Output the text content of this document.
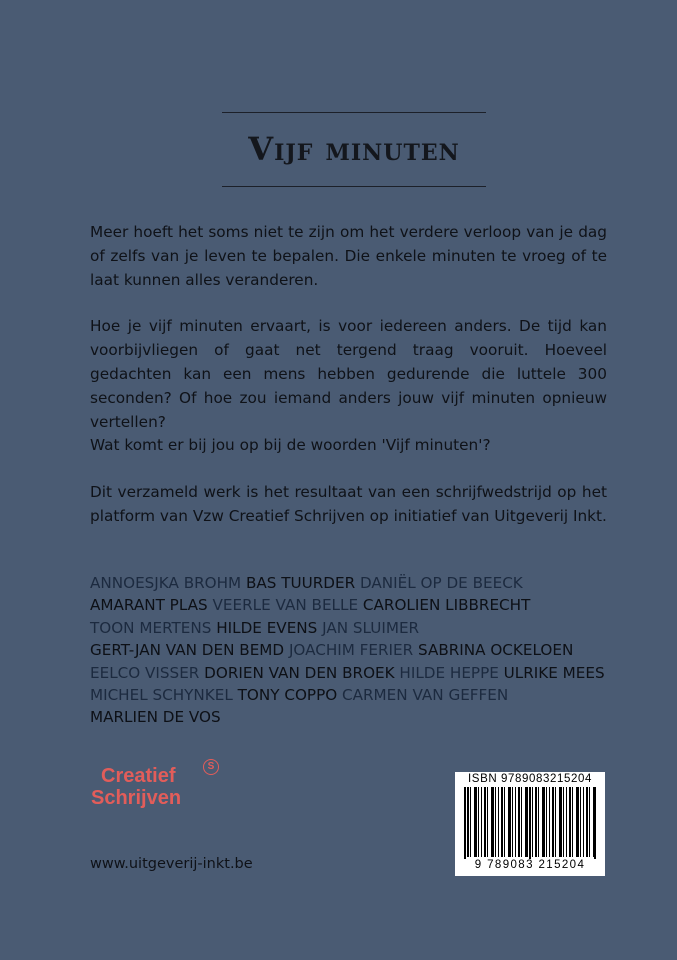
Vijf minuten

Meer hoeft het soms niet te zijn om het verdere verloop van je dag of zelfs van je leven te bepalen. Die enkele minuten te vroeg of te laat kunnen alles veranderen.

Hoe je vijf minuten ervaart, is voor iedereen anders. De tijd kan voorbijvliegen of gaat net tergend traag vooruit. Hoeveel gedachten kan een mens hebben gedurende die luttele 300 seconden? Of hoe zou iemand anders jouw vijf minuten opnieuw vertellen?

Wat komt er bij jou op bij de woorden 'Vijf minuten'?

Dit verzameld werk is het resultaat van een schrijfwedstrijd op het platform van Vzw Creatief Schrijven op initiatief van Uitgeverij Inkt.

ANNOESJKA BROHM BAS TUURDER DANIËL OP DE BEECK AMARANT PLAS VEERLE VAN BELLE CAROLIEN LIBBRECHT TOON MERTENS HILDE EVENS JAN SLUIMER GERT-JAN VAN DEN BEMD JOACHIM FERIER SABRINA OCKELOEN EELCO VISSER DORIEN VAN DEN BROEK HILDE HEPPE ULRIKE MEES MICHEL SCHYNKEL TONY COPPO CARMEN VAN GEFFEN MARLIEN DE VOS
Creatief
Schrijven
S
www.uitgeverij-inkt.be
ISBN 9789083215204
9 789083 215204
